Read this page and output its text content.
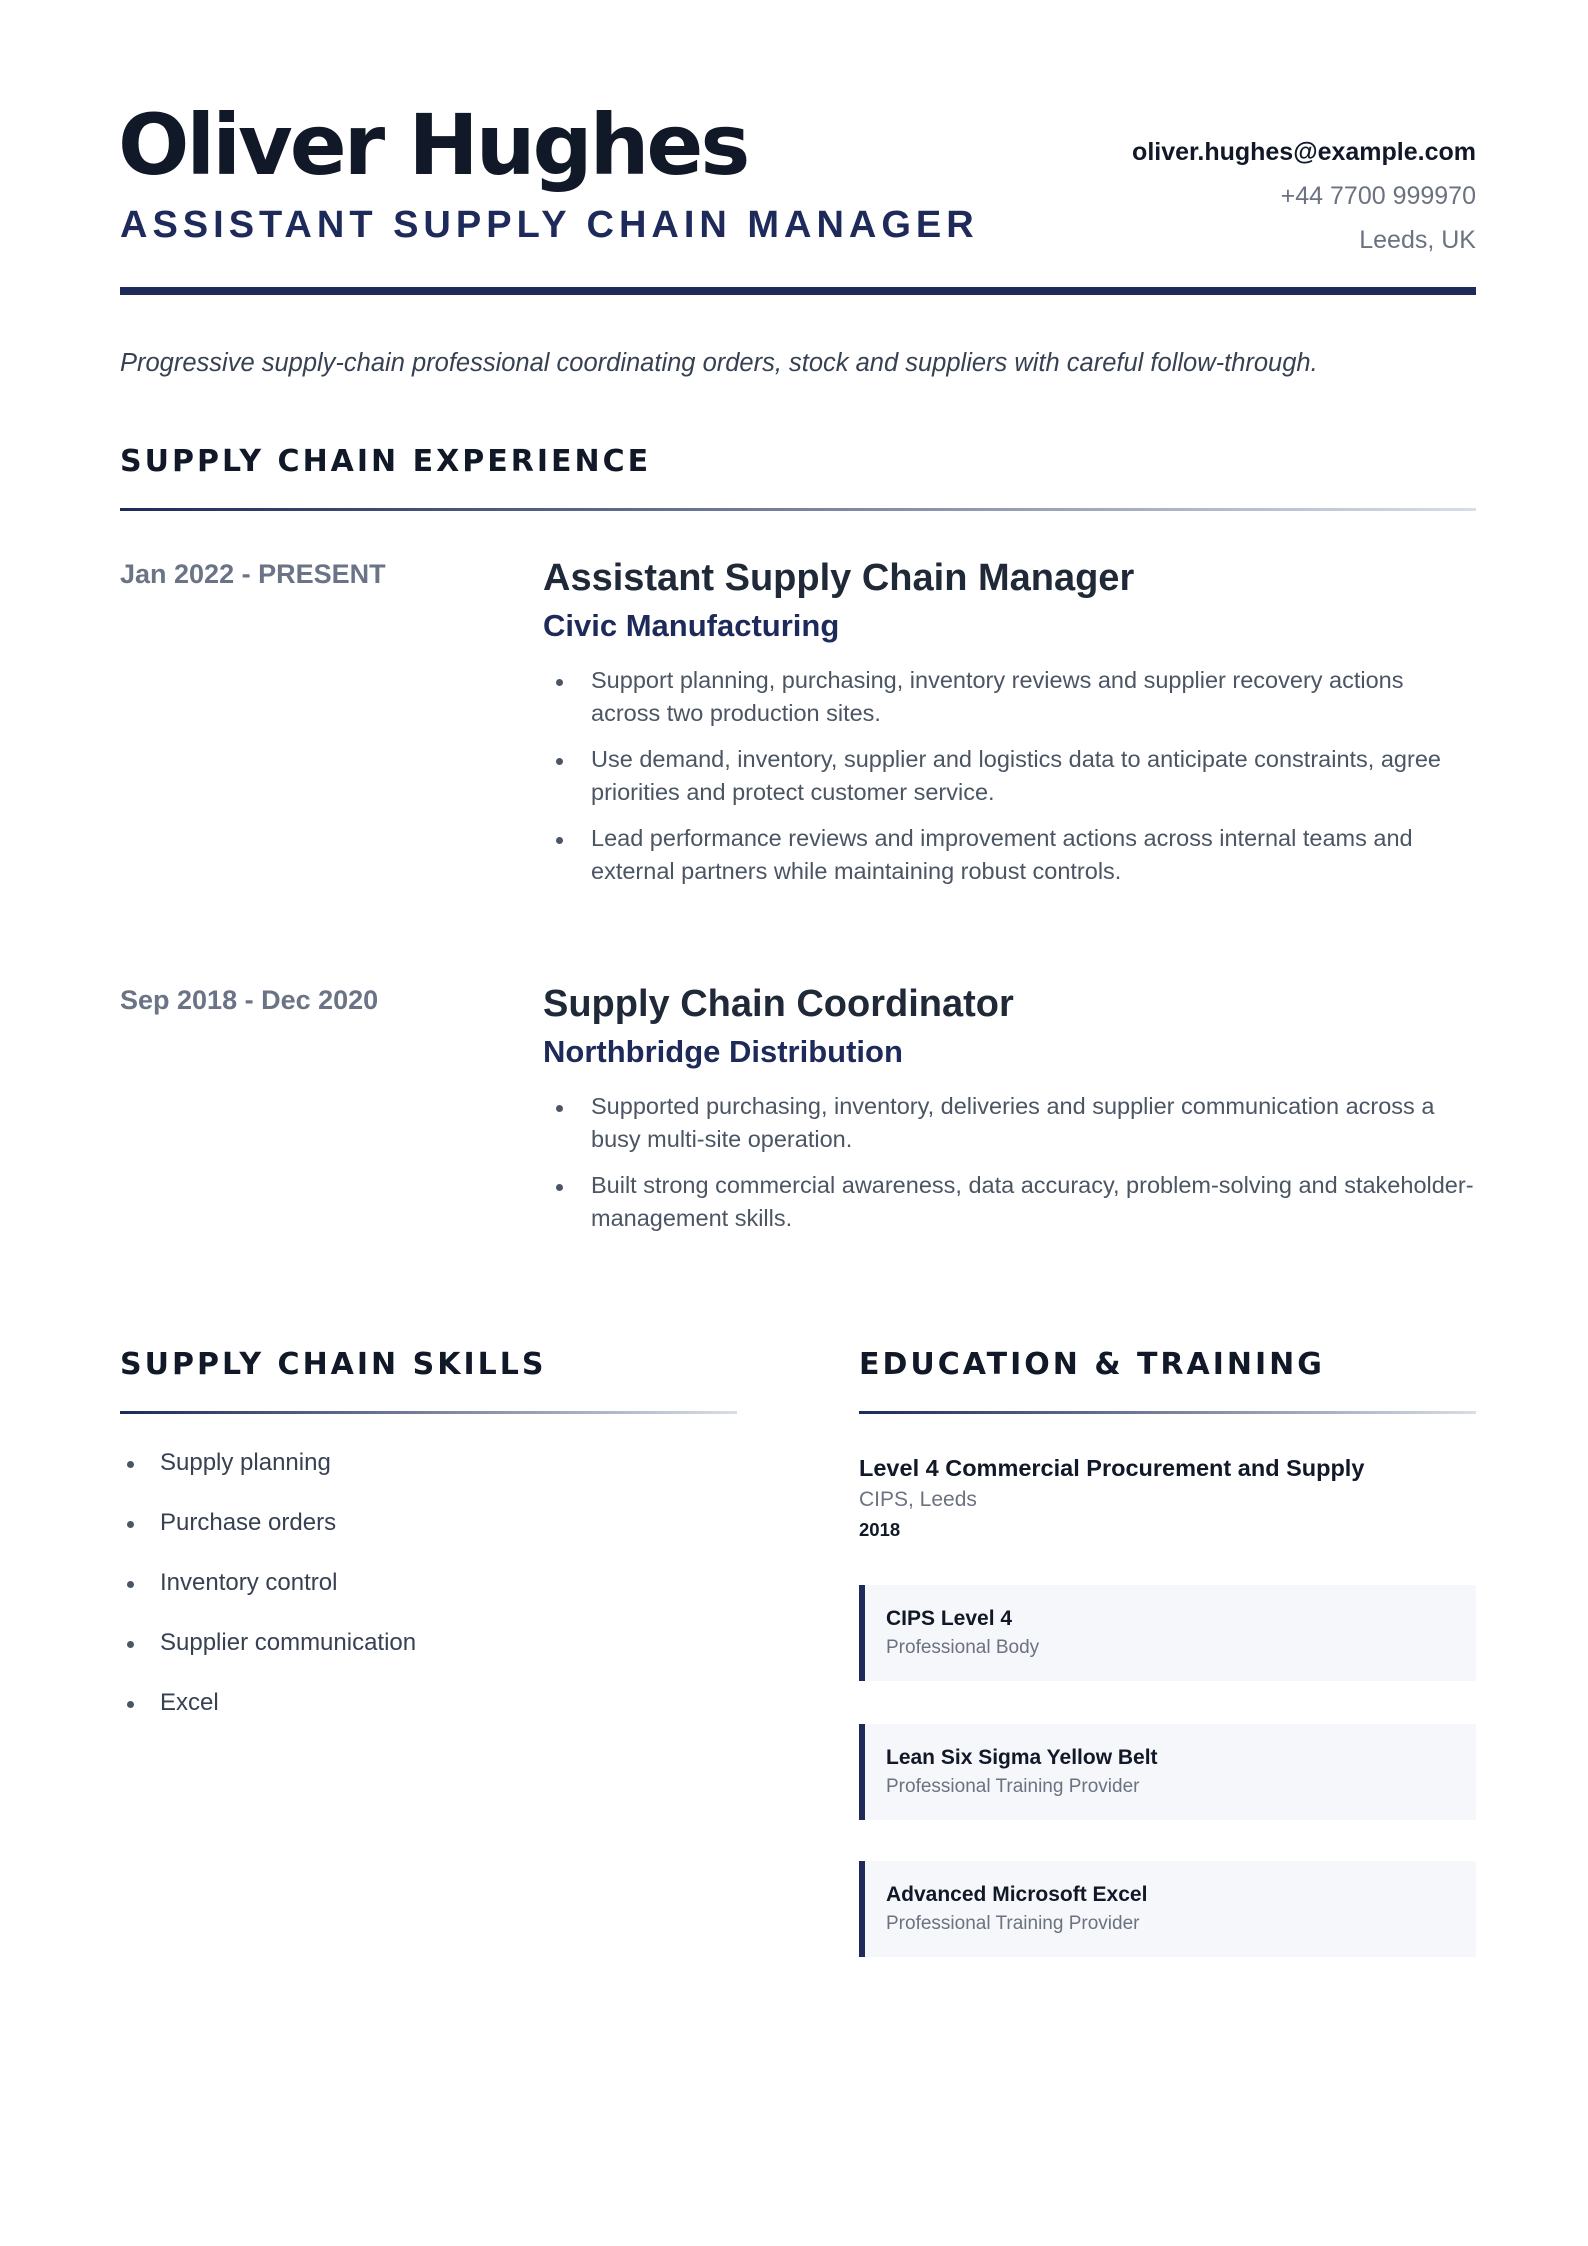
Oliver Hughes
ASSISTANT SUPPLY CHAIN MANAGER
oliver.hughes@example.com
+44 7700 999970
Leeds, UK

Progressive supply-chain professional coordinating orders, stock and suppliers with careful follow-through.

SUPPLY CHAIN EXPERIENCE
Jan 2022 - PRESENT	Assistant Supply Chain Manager
Civic Manufacturing
Support planning, purchasing, inventory reviews and supplier recovery actions across two production sites.
Use demand, inventory, supplier and logistics data to anticipate constraints, agree priorities and protect customer service.
Lead performance reviews and improvement actions across internal teams and external partners while maintaining robust controls.
Sep 2018 - Dec 2020	Supply Chain Coordinator
Northbridge Distribution
Supported purchasing, inventory, deliveries and supplier communication across a busy multi-site operation.
Built strong commercial awareness, data accuracy, problem-solving and stakeholder-management skills.
SUPPLY CHAIN SKILLS
Supply planning
Purchase orders
Inventory control
Supplier communication
Excel
EDUCATION & TRAINING

Level 4 Commercial Procurement and Supply

CIPS, Leeds

2018

CIPS Level 4

Professional Body

Lean Six Sigma Yellow Belt

Professional Training Provider

Advanced Microsoft Excel

Professional Training Provider
